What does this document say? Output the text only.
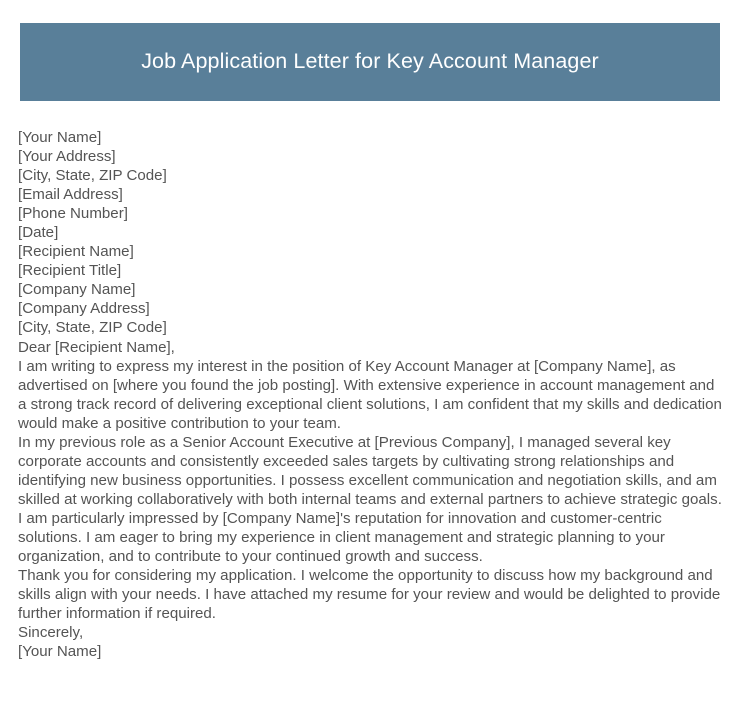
Job Application Letter for Key Account Manager
[Your Name]
[Your Address]
[City, State, ZIP Code]
[Email Address]
[Phone Number]
[Date]
[Recipient Name]
[Recipient Title]
[Company Name]
[Company Address]
[City, State, ZIP Code]
Dear [Recipient Name],

I am writing to express my interest in the position of Key Account Manager at [Company Name], as advertised on [where you found the job posting]. With extensive experience in account management and a strong track record of delivering exceptional client solutions, I am confident that my skills and dedication would make a positive contribution to your team.

In my previous role as a Senior Account Executive at [Previous Company], I managed several key corporate accounts and consistently exceeded sales targets by cultivating strong relationships and identifying new business opportunities. I possess excellent communication and negotiation skills, and am skilled at working collaboratively with both internal teams and external partners to achieve strategic goals.

I am particularly impressed by [Company Name]'s reputation for innovation and customer-centric solutions. I am eager to bring my experience in client management and strategic planning to your organization, and to contribute to your continued growth and success.

Thank you for considering my application. I welcome the opportunity to discuss how my background and skills align with your needs. I have attached my resume for your review and would be delighted to provide further information if required.

Sincerely,
[Your Name]
